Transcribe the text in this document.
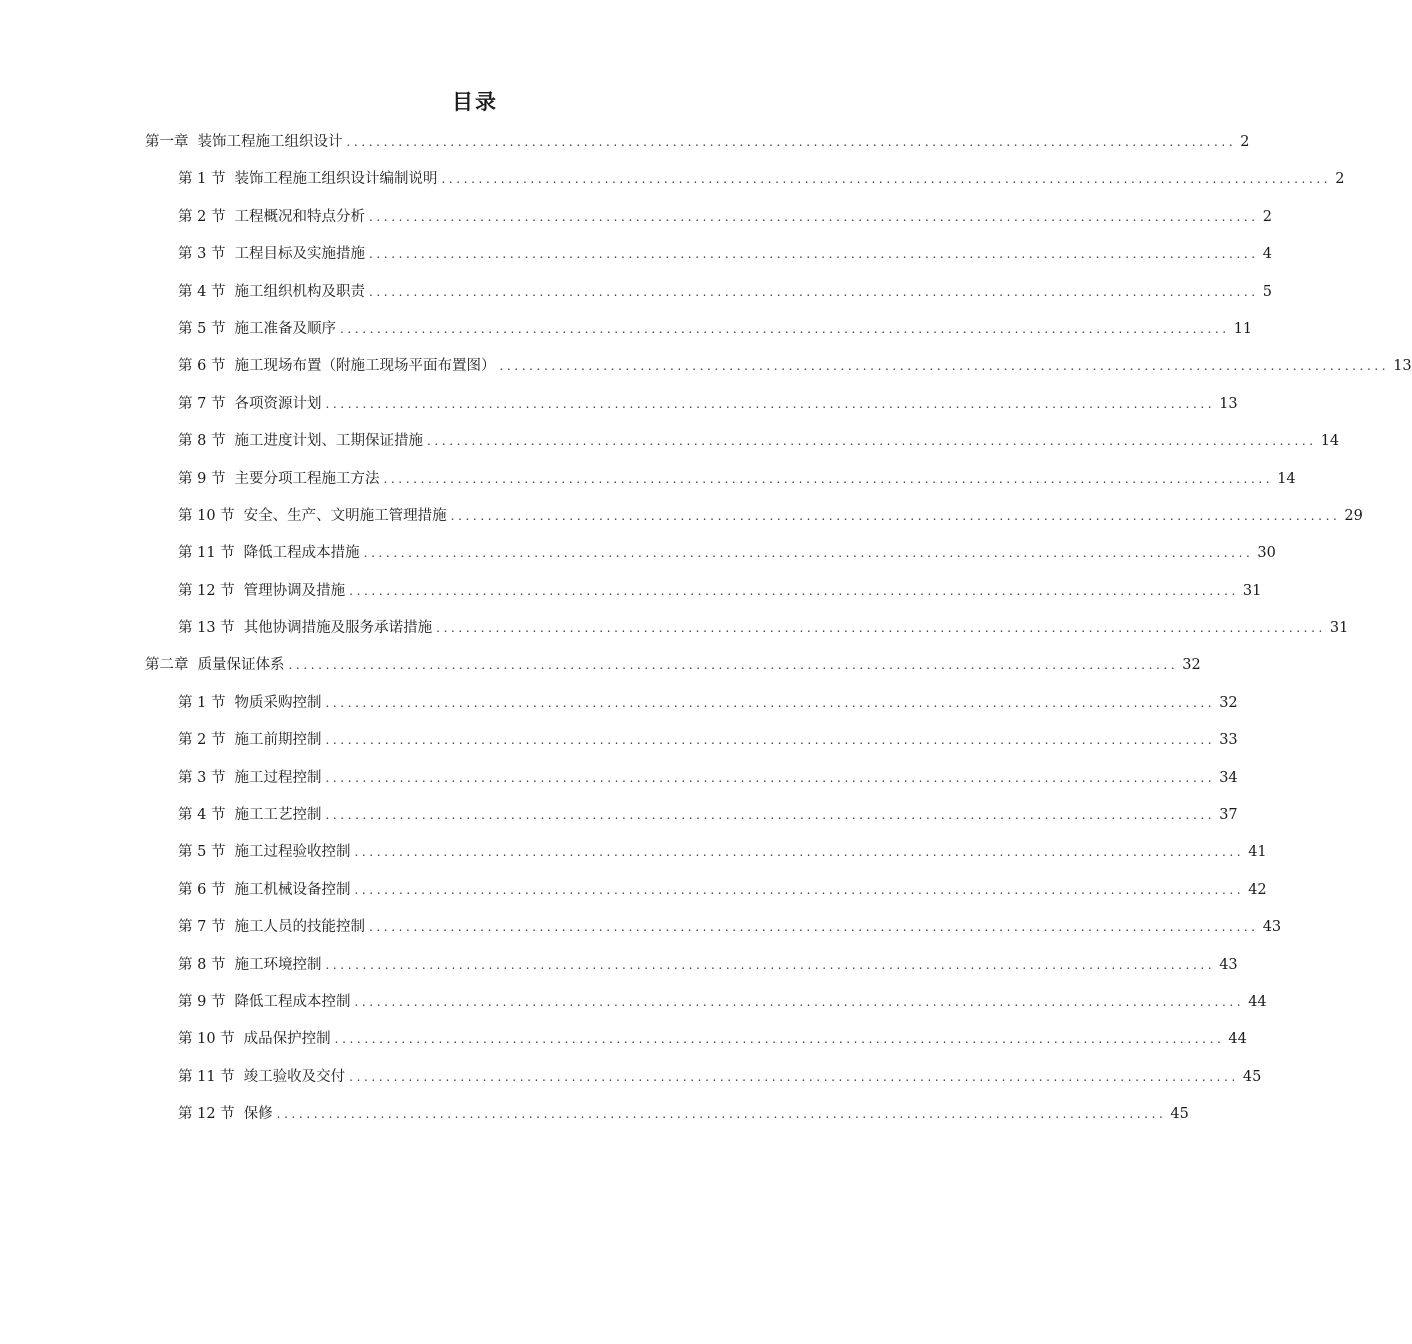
目录
第一章 装饰工程施工组织设计 ........................................................................................................................ 2
第 1 节 装饰工程施工组织设计编制说明 ........................................................................................................................ 2
第 2 节 工程概况和特点分析 ........................................................................................................................ 2
第 3 节 工程目标及实施措施 ........................................................................................................................ 4
第 4 节 施工组织机构及职责 ........................................................................................................................ 5
第 5 节 施工准备及顺序 ........................................................................................................................ 11
第 6 节 施工现场布置（附施工现场平面布置图） ........................................................................................................................ 13
第 7 节 各项资源计划 ........................................................................................................................ 13
第 8 节 施工进度计划、工期保证措施 ........................................................................................................................ 14
第 9 节 主要分项工程施工方法 ........................................................................................................................ 14
第 10 节 安全、生产、文明施工管理措施 ........................................................................................................................ 29
第 11 节 降低工程成本措施 ........................................................................................................................ 30
第 12 节 管理协调及措施 ........................................................................................................................ 31
第 13 节 其他协调措施及服务承诺措施 ........................................................................................................................ 31
第二章 质量保证体系 ........................................................................................................................ 32
第 1 节 物质采购控制 ........................................................................................................................ 32
第 2 节 施工前期控制 ........................................................................................................................ 33
第 3 节 施工过程控制 ........................................................................................................................ 34
第 4 节 施工工艺控制 ........................................................................................................................ 37
第 5 节 施工过程验收控制 ........................................................................................................................ 41
第 6 节 施工机械设备控制 ........................................................................................................................ 42
第 7 节 施工人员的技能控制 ........................................................................................................................ 43
第 8 节 施工环境控制 ........................................................................................................................ 43
第 9 节 降低工程成本控制 ........................................................................................................................ 44
第 10 节 成品保护控制 ........................................................................................................................ 44
第 11 节 竣工验收及交付 ........................................................................................................................ 45
第 12 节 保修 ........................................................................................................................ 45
